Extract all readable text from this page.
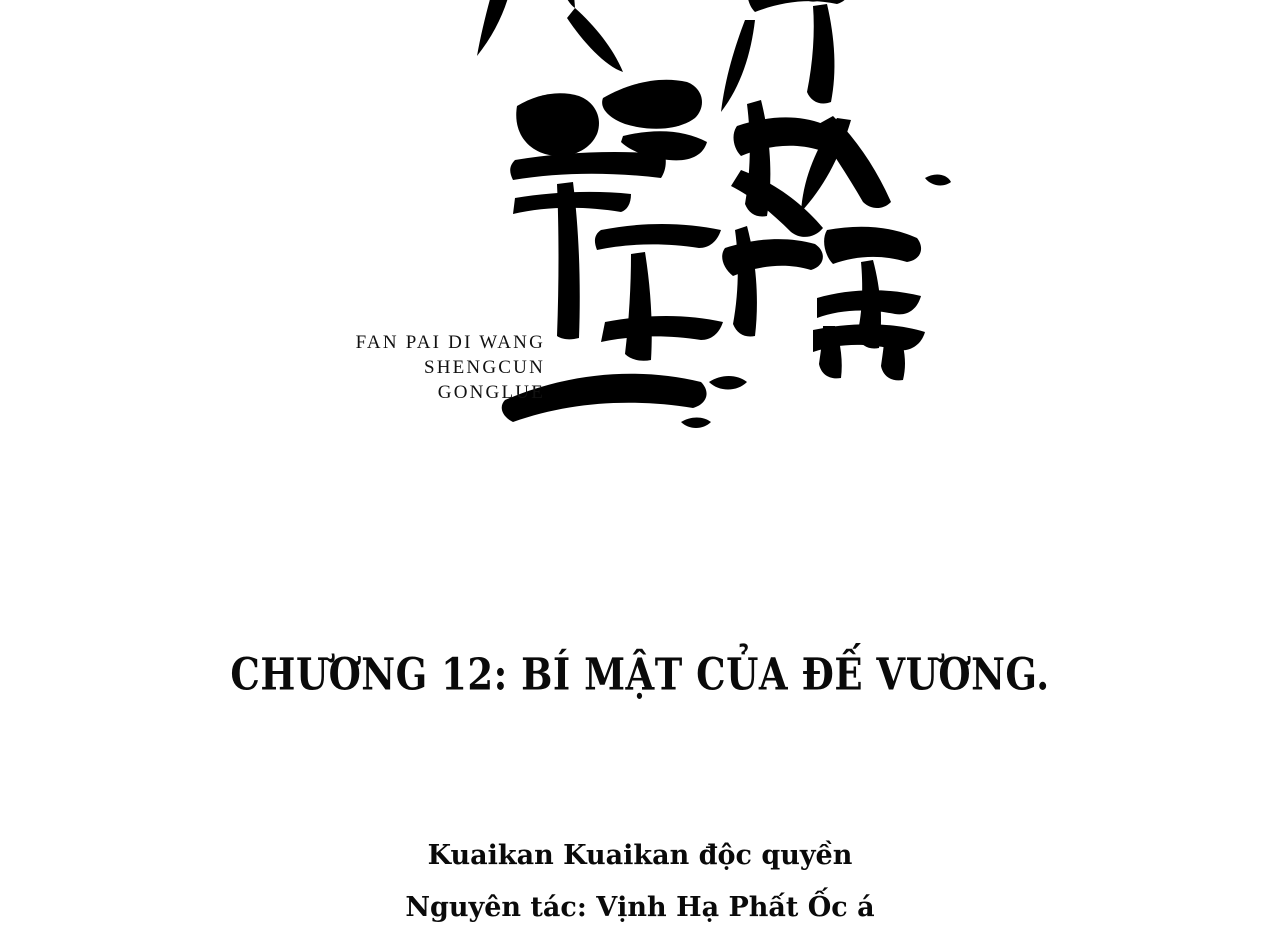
FAN PAI DI WANG
SHENGCUN
GONGLUE
CHƯƠNG 12: BÍ MẬT CỦA ĐẾ VƯƠNG.
Kuaikan Kuaikan độc quyền
Nguyên tác: Vịnh Hạ Phất Ốc á
